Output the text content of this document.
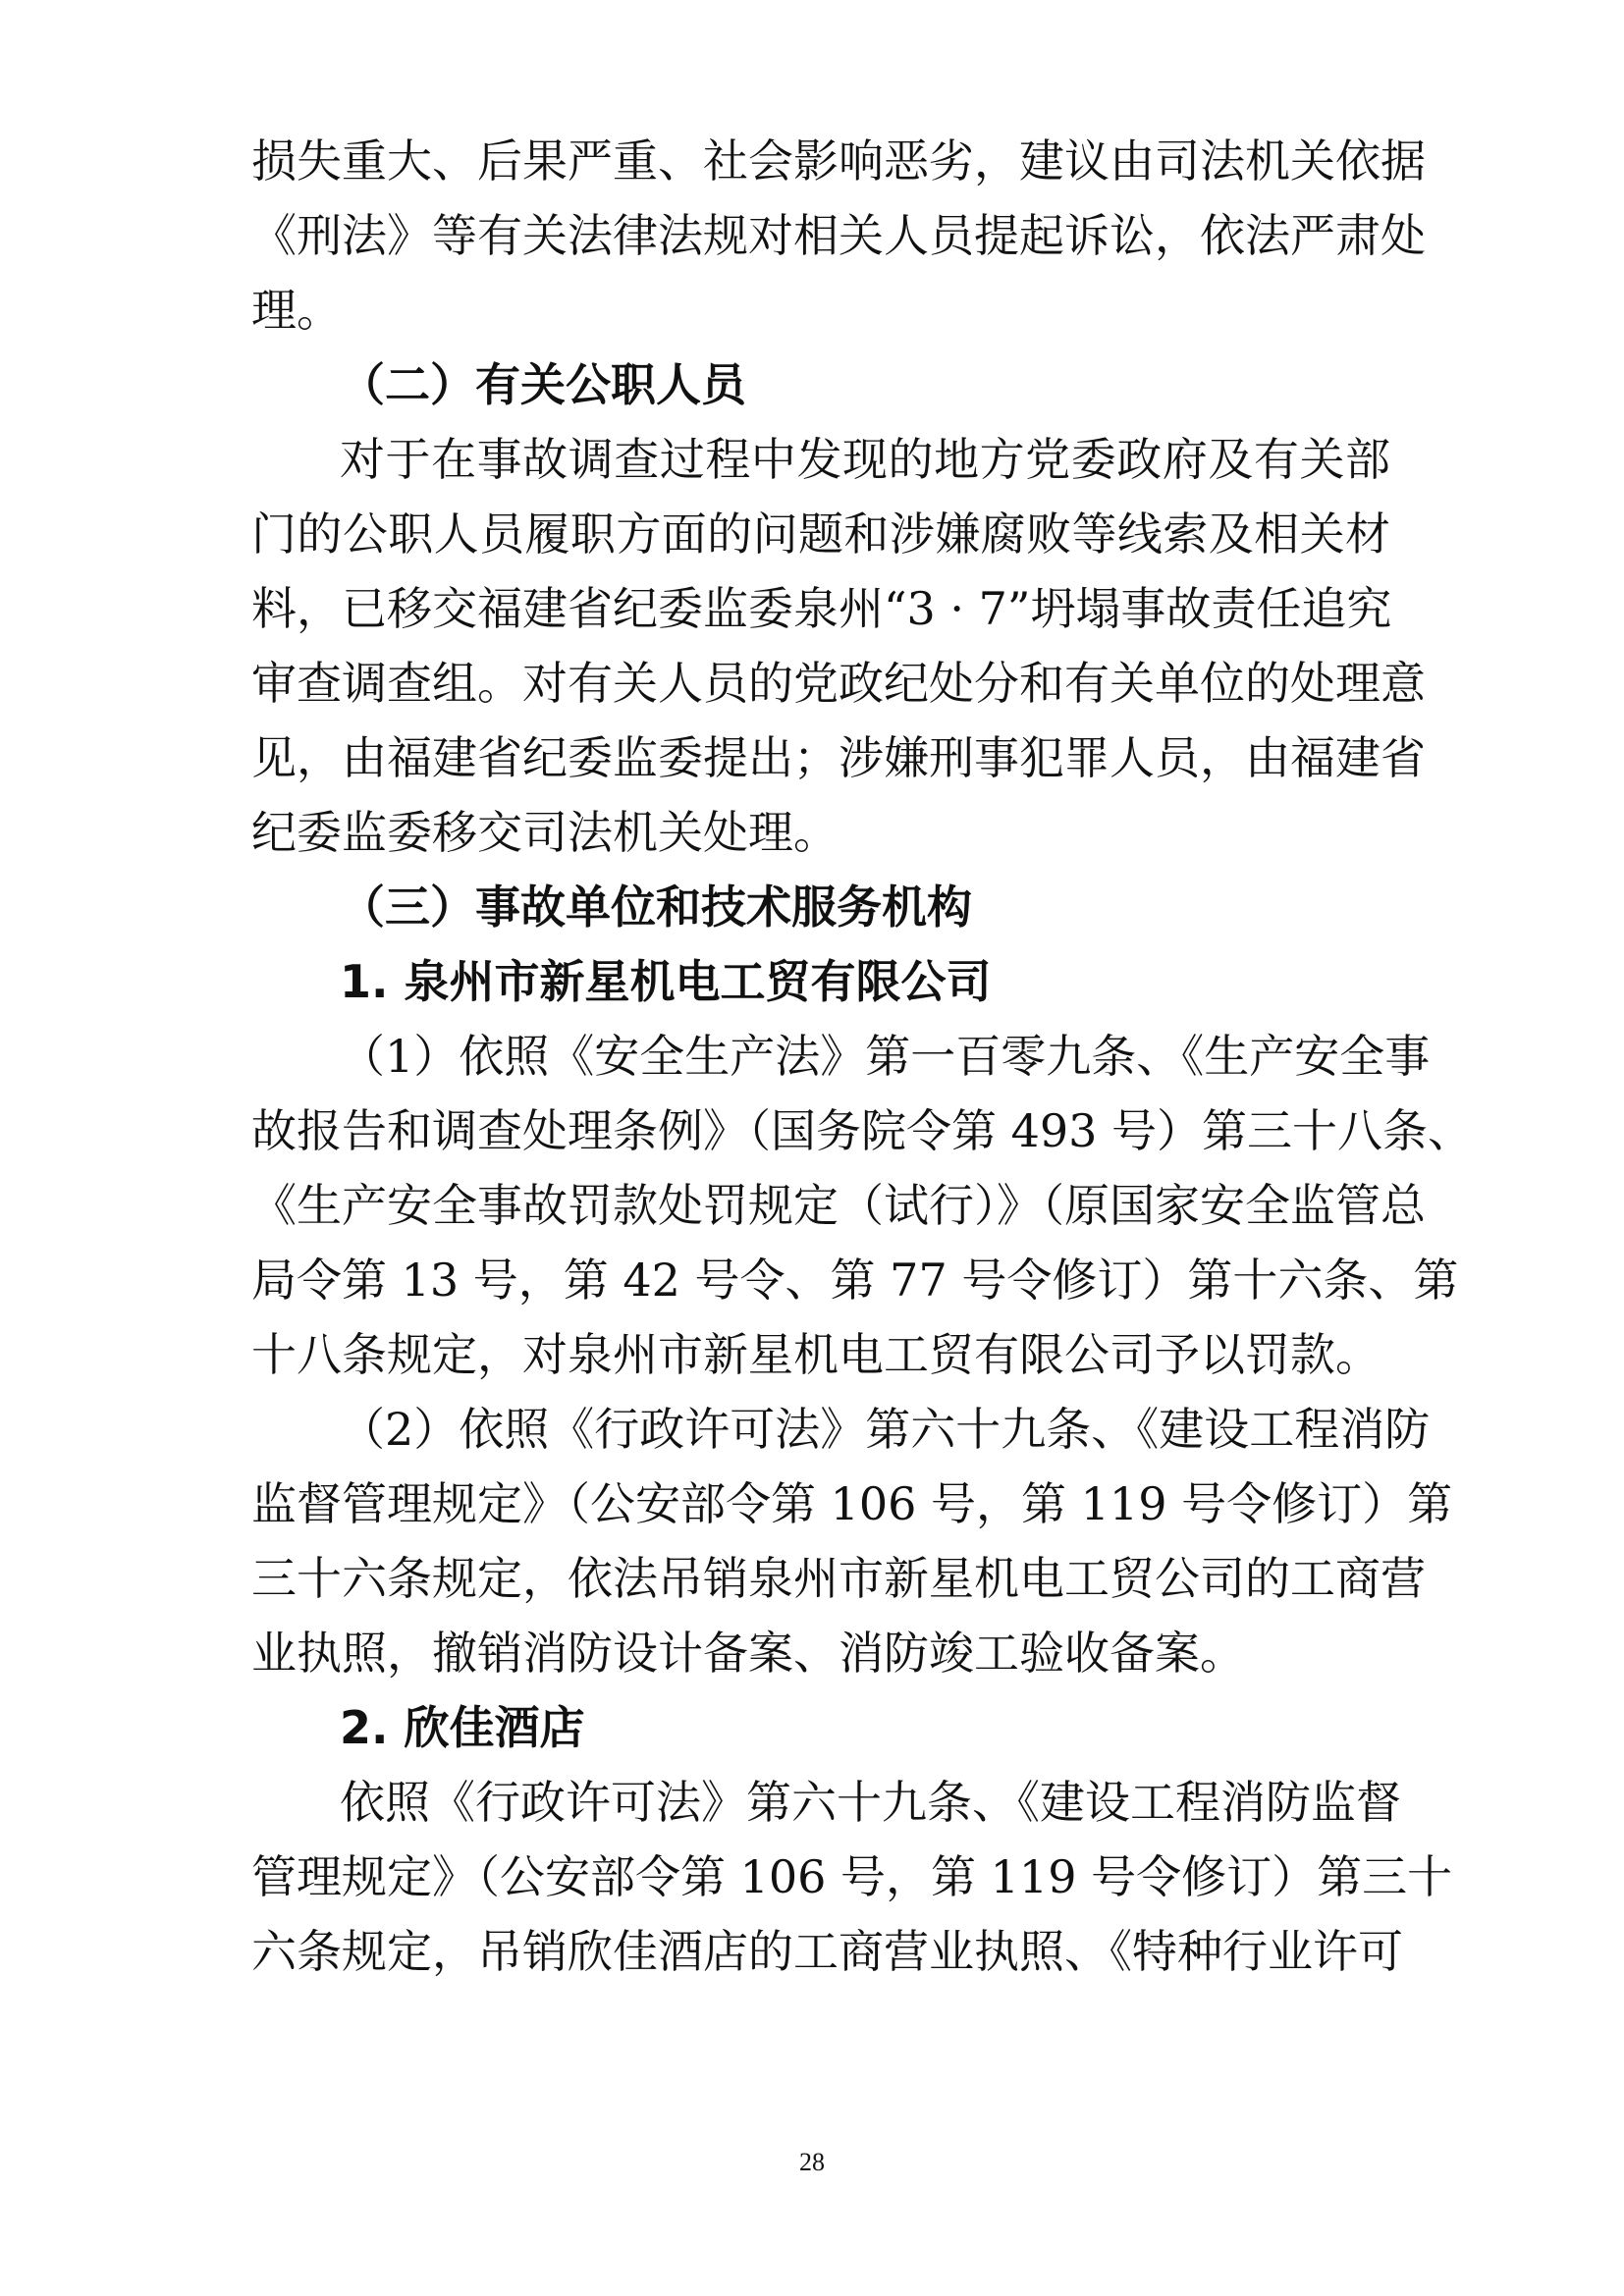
损失重大、后果严重、社会影响恶劣，建议由司法机关依据
《刑法》等有关法律法规对相关人员提起诉讼，依法严肃处
理。
（二）有关公职人员
对于在事故调查过程中发现的地方党委政府及有关部
门的公职人员履职方面的问题和涉嫌腐败等线索及相关材
料，已移交福建省纪委监委泉州“3 · 7”坍塌事故责任追究
审查调查组。对有关人员的党政纪处分和有关单位的处理意
见，由福建省纪委监委提出；涉嫌刑事犯罪人员，由福建省
纪委监委移交司法机关处理。
（三）事故单位和技术服务机构
1. 泉州市新星机电工贸有限公司
（1）依照《安全生产法》第一百零九条、《生产安全事
故报告和调查处理条例》（国务院令第 493 号）第三十八条、
《生产安全事故罚款处罚规定（试行）》（原国家安全监管总
局令第 13 号，第 42 号令、第 77 号令修订）第十六条、第
十八条规定，对泉州市新星机电工贸有限公司予以罚款。
（2）依照《行政许可法》第六十九条、《建设工程消防
监督管理规定》（公安部令第 106 号，第 119 号令修订）第
三十六条规定，依法吊销泉州市新星机电工贸公司的工商营
业执照，撤销消防设计备案、消防竣工验收备案。
2. 欣佳酒店
依照《行政许可法》第六十九条、《建设工程消防监督
管理规定》（公安部令第 106 号，第 119 号令修订）第三十
六条规定，吊销欣佳酒店的工商营业执照、《特种行业许可
28
